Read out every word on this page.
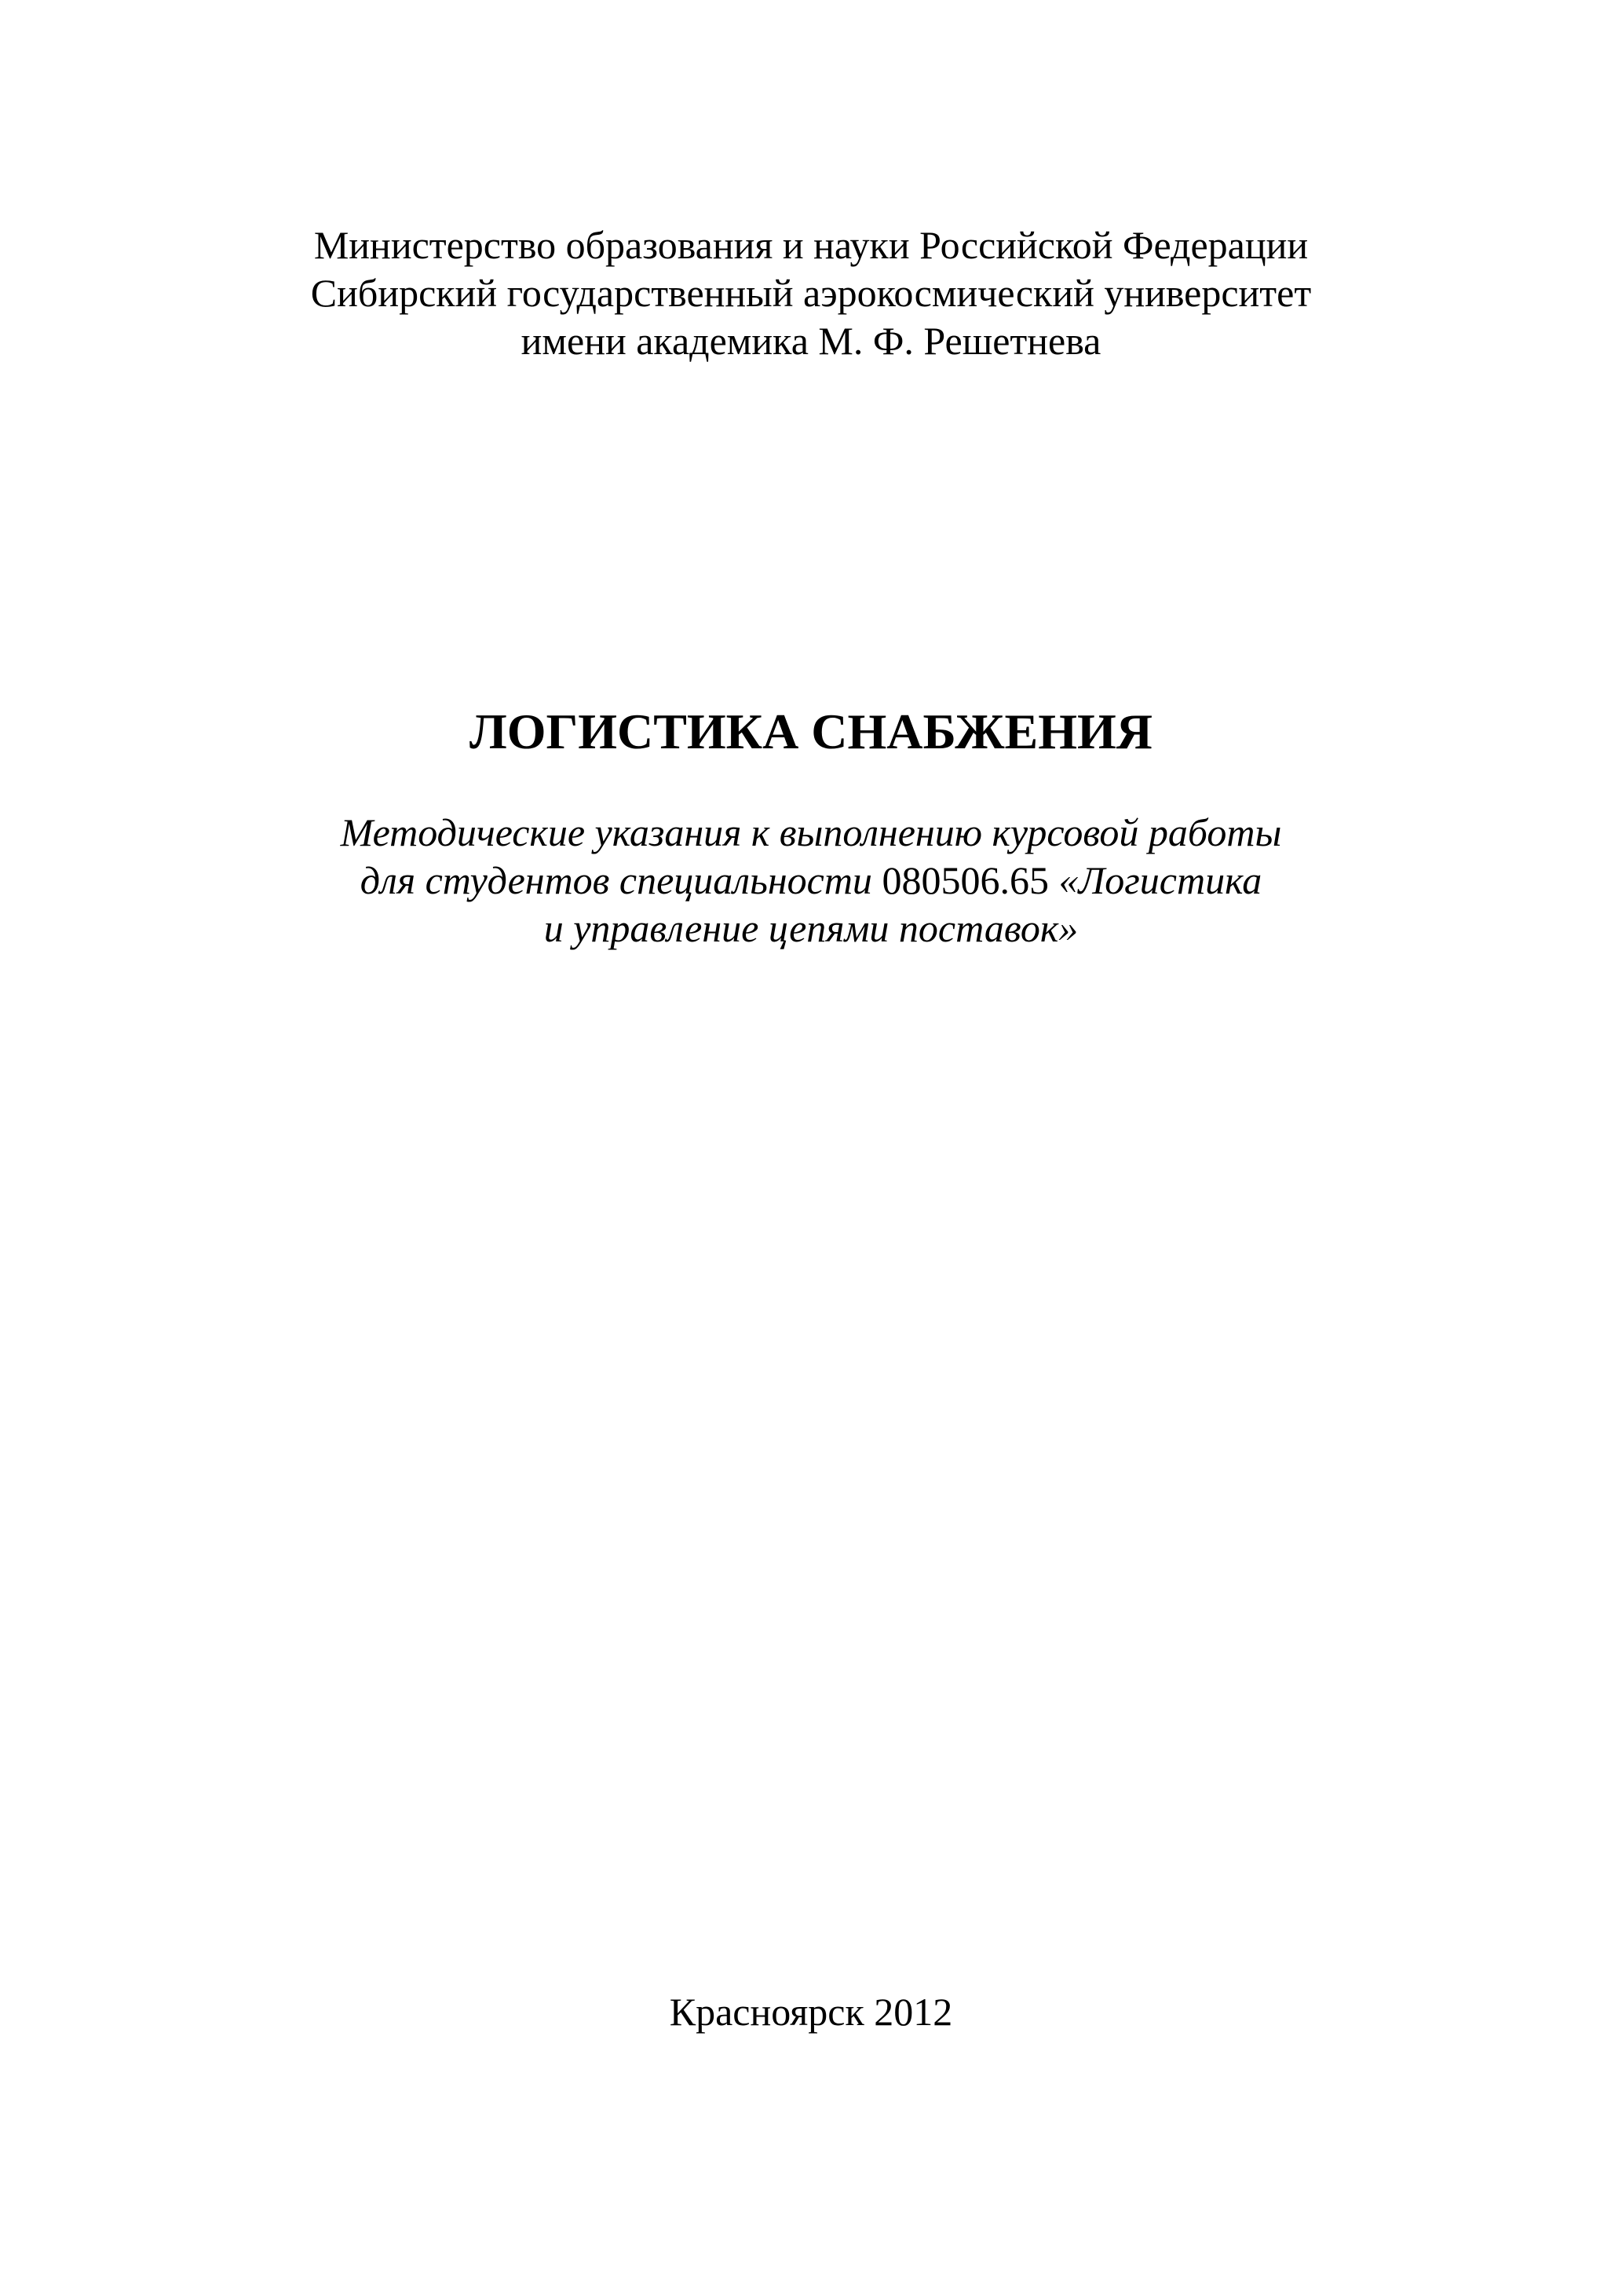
Министерство образования и науки Российской Федерации
Сибирский государственный аэрокосмический университет
имени академика М. Ф. Решетнева
ЛОГИСТИКА СНАБЖЕНИЯ
Методические указания к выполнению курсовой работы
для студентов специальности 080506.65 «Логистика
и управление цепями поставок»
Красноярск 2012
